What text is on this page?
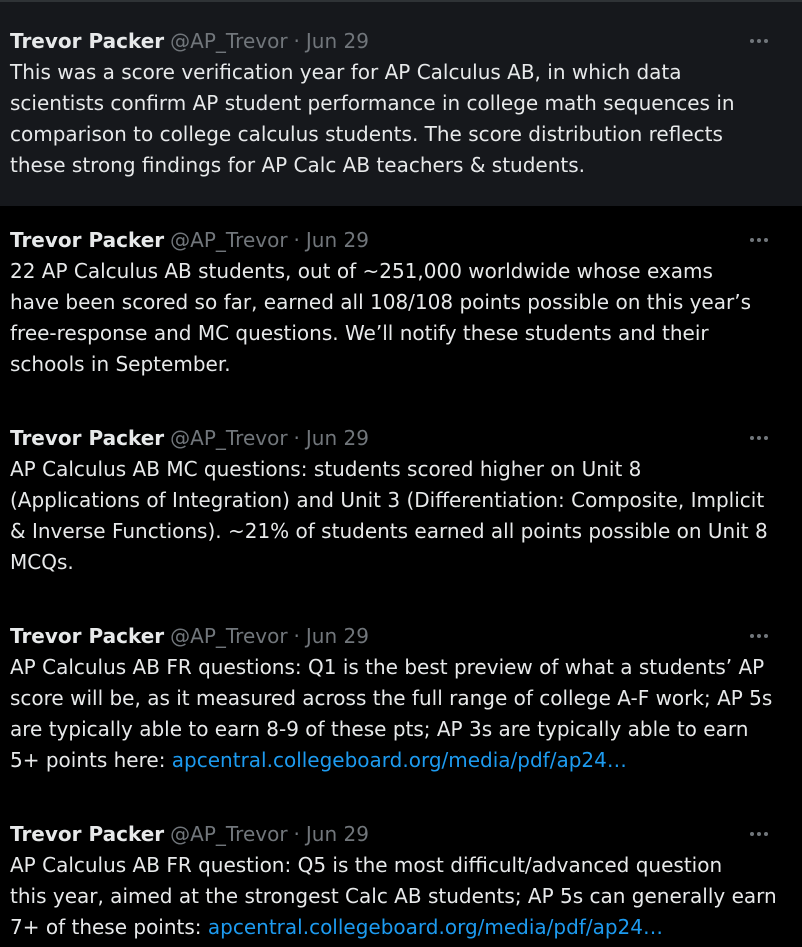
Trevor Packer @AP_Trevor · Jun 29
This was a score verification year for AP Calculus AB, in which data
scientists confirm AP student performance in college math sequences in
comparison to college calculus students. The score distribution reflects
these strong findings for AP Calc AB teachers & students.
Trevor Packer @AP_Trevor · Jun 29
22 AP Calculus AB students, out of ~251,000 worldwide whose exams
have been scored so far, earned all 108/108 points possible on this year’s
free-response and MC questions. We’ll notify these students and their
schools in September.
Trevor Packer @AP_Trevor · Jun 29
AP Calculus AB MC questions: students scored higher on Unit 8
(Applications of Integration) and Unit 3 (Differentiation: Composite, Implicit
& Inverse Functions). ~21% of students earned all points possible on Unit 8
MCQs.
Trevor Packer @AP_Trevor · Jun 29
AP Calculus AB FR questions: Q1 is the best preview of what a students’ AP
score will be, as it measured across the full range of college A-F work; AP 5s
are typically able to earn 8-9 of these pts; AP 3s are typically able to earn
5+ points here: apcentral.collegeboard.org/media/pdf/ap24…
Trevor Packer @AP_Trevor · Jun 29
AP Calculus AB FR question: Q5 is the most difficult/advanced question
this year, aimed at the strongest Calc AB students; AP 5s can generally earn
7+ of these points: apcentral.collegeboard.org/media/pdf/ap24…
